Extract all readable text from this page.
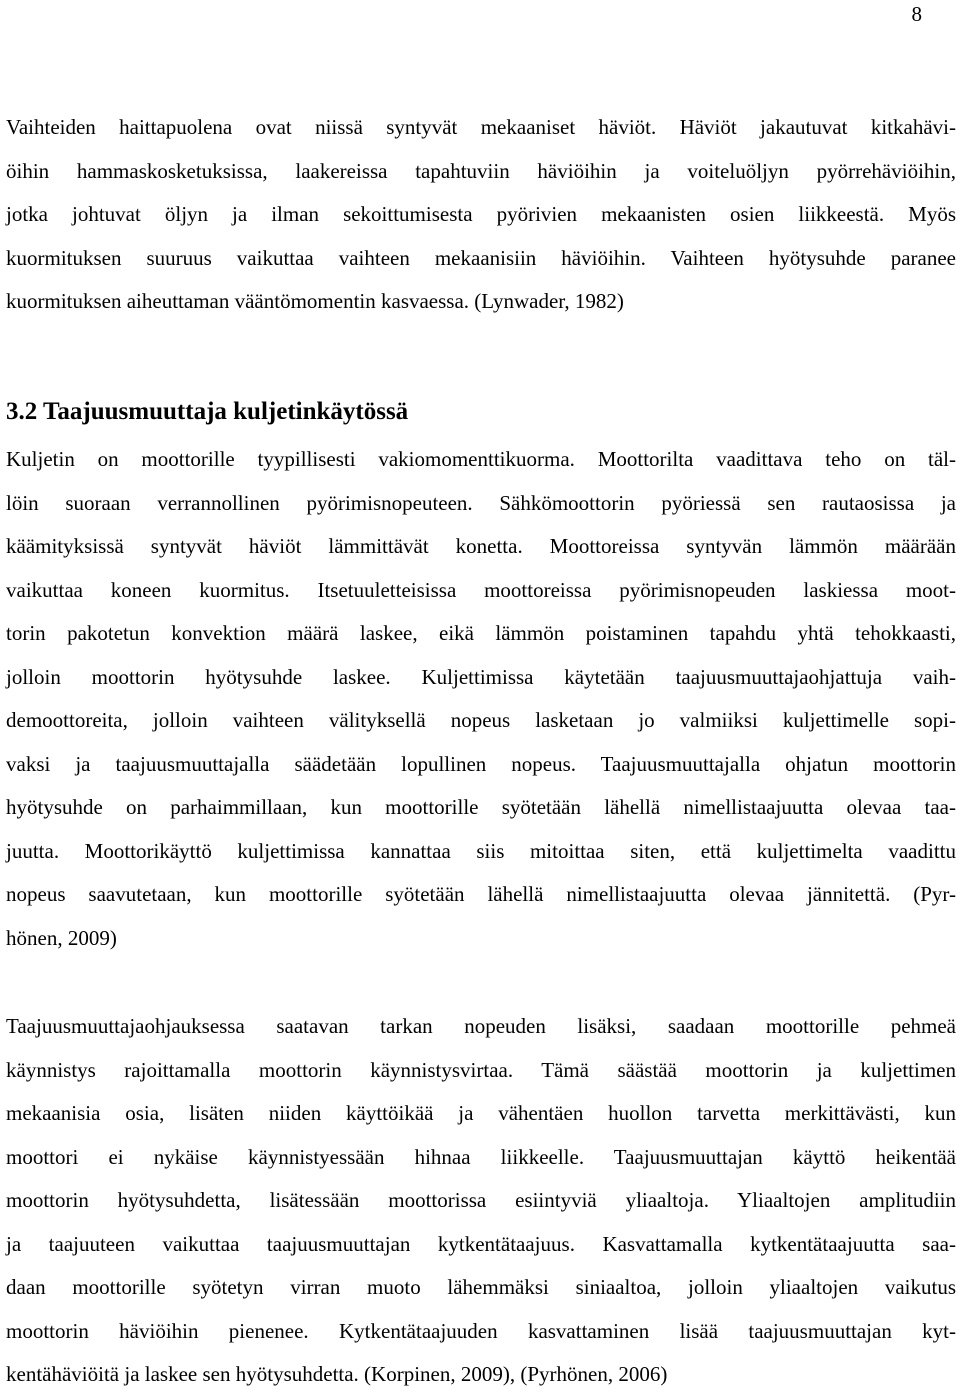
8
Vaihteiden haittapuolena ovat niissä syntyvät mekaaniset häviöt. Häviöt jakautuvat kitkahävi-
öihin hammaskosketuksissa, laakereissa tapahtuviin häviöihin ja voiteluöljyn pyörrehäviöihin,
jotka johtuvat öljyn ja ilman sekoittumisesta pyörivien mekaanisten osien liikkeestä. Myös
kuormituksen suuruus vaikuttaa vaihteen mekaanisiin häviöihin. Vaihteen hyötysuhde paranee
kuormituksen aiheuttaman vääntömomentin kasvaessa. (Lynwader, 1982)
3.2 Taajuusmuuttaja kuljetinkäytössä
Kuljetin on moottorille tyypillisesti vakiomomenttikuorma. Moottorilta vaadittava teho on täl-
löin suoraan verrannollinen pyörimisnopeuteen. Sähkömoottorin pyöriessä sen rautaosissa ja
käämityksissä syntyvät häviöt lämmittävät konetta. Moottoreissa syntyvän lämmön määrään
vaikuttaa koneen kuormitus. Itsetuuletteisissa moottoreissa pyörimisnopeuden laskiessa moot-
torin pakotetun konvektion määrä laskee, eikä lämmön poistaminen tapahdu yhtä tehokkaasti,
jolloin moottorin hyötysuhde laskee. Kuljettimissa käytetään taajuusmuuttajaohjattuja vaih-
demoottoreita, jolloin vaihteen välityksellä nopeus lasketaan jo valmiiksi kuljettimelle sopi-
vaksi ja taajuusmuuttajalla säädetään lopullinen nopeus. Taajuusmuuttajalla ohjatun moottorin
hyötysuhde on parhaimmillaan, kun moottorille syötetään lähellä nimellistaajuutta olevaa taa-
juutta. Moottorikäyttö kuljettimissa kannattaa siis mitoittaa siten, että kuljettimelta vaadittu
nopeus saavutetaan, kun moottorille syötetään lähellä nimellistaajuutta olevaa jännitettä. (Pyr-
hönen, 2009)
Taajuusmuuttajaohjauksessa saatavan tarkan nopeuden lisäksi, saadaan moottorille pehmeä
käynnistys rajoittamalla moottorin käynnistysvirtaa. Tämä säästää moottorin ja kuljettimen
mekaanisia osia, lisäten niiden käyttöikää ja vähentäen huollon tarvetta merkittävästi, kun
moottori ei nykäise käynnistyessään hihnaa liikkeelle. Taajuusmuuttajan käyttö heikentää
moottorin hyötysuhdetta, lisätessään moottorissa esiintyviä yliaaltoja. Yliaaltojen amplitudiin
ja taajuuteen vaikuttaa taajuusmuuttajan kytkentätaajuus. Kasvattamalla kytkentätaajuutta saa-
daan moottorille syötetyn virran muoto lähemmäksi siniaaltoa, jolloin yliaaltojen vaikutus
moottorin häviöihin pienenee. Kytkentätaajuuden kasvattaminen lisää taajuusmuuttajan kyt-
kentähäviöitä ja laskee sen hyötysuhdetta. (Korpinen, 2009), (Pyrhönen, 2006)
